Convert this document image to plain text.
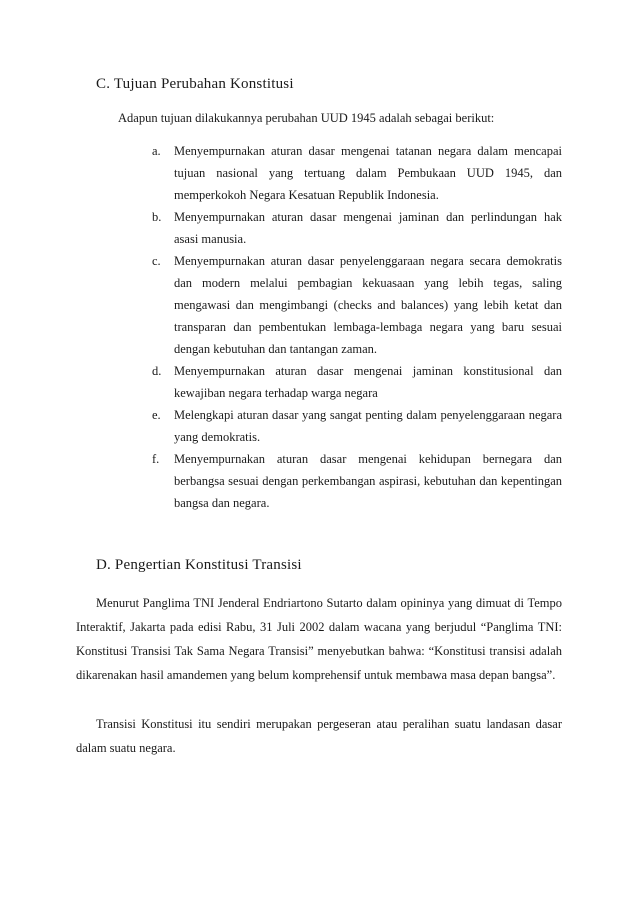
C. Tujuan Perubahan Konstitusi
Adapun tujuan dilakukannya perubahan UUD 1945 adalah sebagai berikut:
a. Menyempurnakan aturan dasar mengenai tatanan negara dalam mencapai tujuan nasional yang tertuang dalam Pembukaan UUD 1945, dan memperkokoh Negara Kesatuan Republik Indonesia.
b. Menyempurnakan aturan dasar mengenai jaminan dan perlindungan hak asasi manusia.
c. Menyempurnakan aturan dasar penyelenggaraan negara secara demokratis dan modern melalui pembagian kekuasaan yang lebih tegas, saling mengawasi dan mengimbangi (checks and balances) yang lebih ketat dan transparan dan pembentukan lembaga-lembaga negara yang baru sesuai dengan kebutuhan dan tantangan zaman.
d. Menyempurnakan aturan dasar mengenai jaminan konstitusional dan kewajiban negara terhadap warga negara
e. Melengkapi aturan dasar yang sangat penting dalam penyelenggaraan negara yang demokratis.
f. Menyempurnakan aturan dasar mengenai kehidupan bernegara dan berbangsa sesuai dengan perkembangan aspirasi, kebutuhan dan kepentingan bangsa dan negara.
D. Pengertian Konstitusi Transisi

Menurut Panglima TNI Jenderal Endriartono Sutarto dalam opininya yang dimuat di Tempo Interaktif, Jakarta pada edisi Rabu, 31 Juli 2002 dalam wacana yang berjudul “Panglima TNI: Konstitusi Transisi Tak Sama Negara Transisi” menyebutkan bahwa: “Konstitusi transisi adalah dikarenakan hasil amandemen yang belum komprehensif untuk membawa masa depan bangsa”.

Transisi Konstitusi itu sendiri merupakan pergeseran atau peralihan suatu landasan dasar dalam suatu negara.
